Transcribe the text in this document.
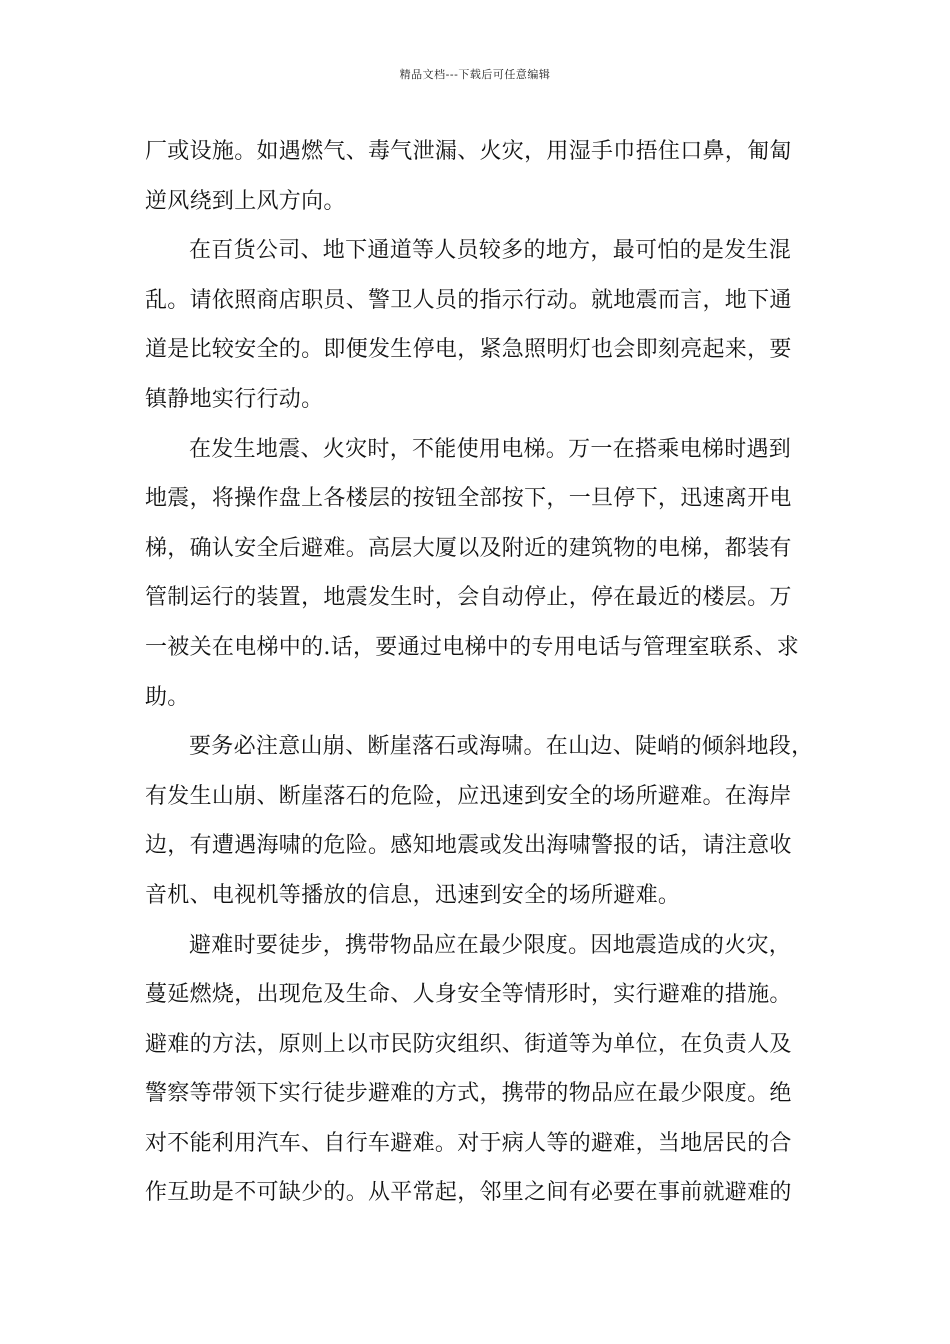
精品文档---下载后可任意编辑
厂或设施。如遇燃气、毒气泄漏、火灾，用湿手巾捂住口鼻，匍匐
逆风绕到上风方向。
在百货公司、地下通道等人员较多的地方，最可怕的是发生混
乱。请依照商店职员、警卫人员的指示行动。就地震而言，地下通
道是比较安全的。即便发生停电，紧急照明灯也会即刻亮起来，要
镇静地实行行动。
在发生地震、火灾时，不能使用电梯。万一在搭乘电梯时遇到
地震，将操作盘上各楼层的按钮全部按下，一旦停下，迅速离开电
梯，确认安全后避难。高层大厦以及附近的建筑物的电梯，都装有
管制运行的装置，地震发生时，会自动停止，停在最近的楼层。万
一被关在电梯中的.话，要通过电梯中的专用电话与管理室联系、求
助。
要务必注意山崩、断崖落石或海啸。在山边、陡峭的倾斜地段，
有发生山崩、断崖落石的危险，应迅速到安全的场所避难。在海岸
边，有遭遇海啸的危险。感知地震或发出海啸警报的话，请注意收
音机、电视机等播放的信息，迅速到安全的场所避难。
避难时要徒步，携带物品应在最少限度。因地震造成的火灾，
蔓延燃烧，出现危及生命、人身安全等情形时，实行避难的措施。
避难的方法，原则上以市民防灾组织、街道等为单位，在负责人及
警察等带领下实行徒步避难的方式，携带的物品应在最少限度。绝
对不能利用汽车、自行车避难。对于病人等的避难，当地居民的合
作互助是不可缺少的。从平常起，邻里之间有必要在事前就避难的
